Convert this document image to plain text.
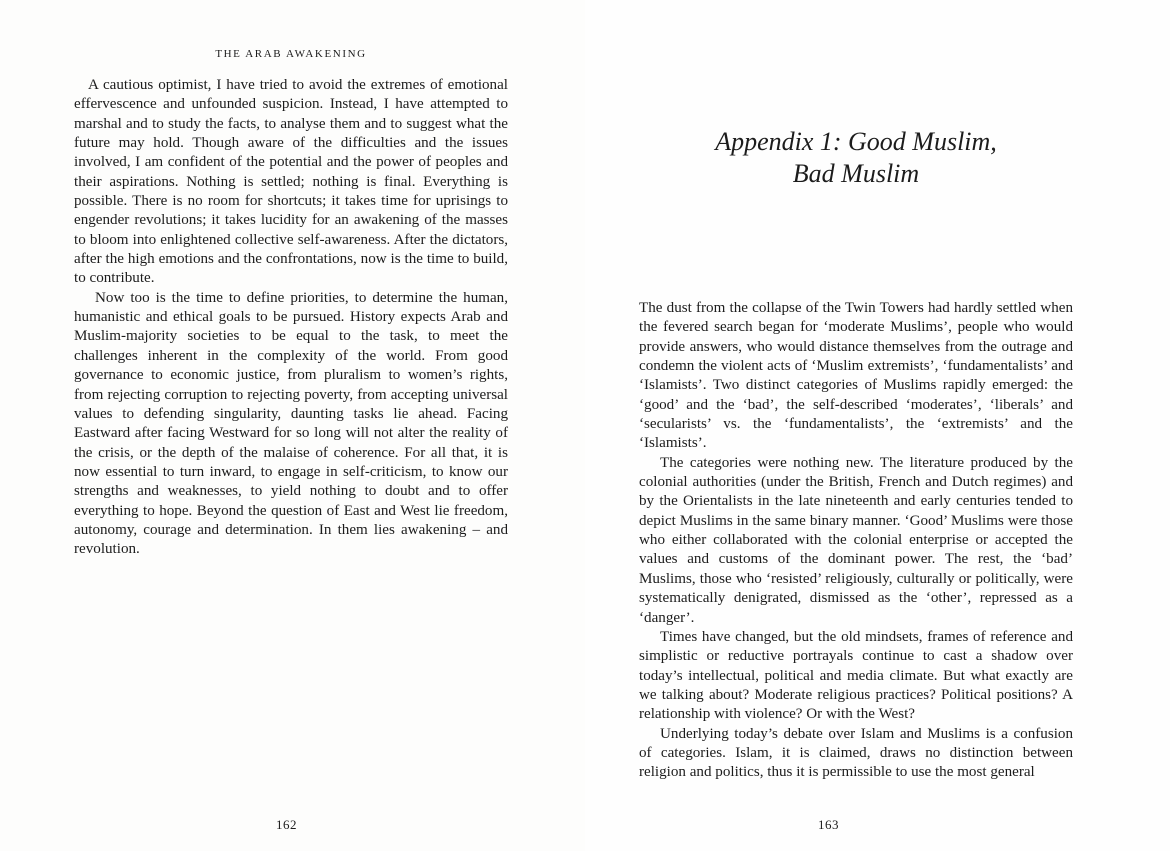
THE ARAB AWAKENING

A cautious optimist, I have tried to avoid the extremes of emotional effervescence and unfounded suspicion. Instead, I have attempted to marshal and to study the facts, to analyse them and to suggest what the future may hold. Though aware of the difficulties and the issues involved, I am confident of the potential and the power of peoples and their aspirations. Nothing is settled; nothing is final. Everything is possible. There is no room for shortcuts; it takes time for uprisings to engender revolutions; it takes lucidity for an awakening of the masses to bloom into enlightened collective self-awareness. After the dictators, after the high emotions and the confrontations, now is the time to build, to contribute.

Now too is the time to define priorities, to determine the human, humanistic and ethical goals to be pursued. History expects Arab and Muslim-majority societies to be equal to the task, to meet the challenges inherent in the complexity of the world. From good governance to economic justice, from pluralism to women’s rights, from rejecting corruption to rejecting poverty, from accepting universal values to defending singularity, daunting tasks lie ahead. Facing Eastward after facing Westward for so long will not alter the reality of the crisis, or the depth of the malaise of coherence. For all that, it is now essential to turn inward, to engage in self-criticism, to know our strengths and weaknesses, to yield nothing to doubt and to offer everything to hope. Beyond the question of East and West lie freedom, autonomy, courage and determination. In them lies awakening – and revolution.

162
Appendix 1: Good Muslim,
Bad Muslim

The dust from the collapse of the Twin Towers had hardly settled when the fevered search began for ‘moderate Muslims’, people who would provide answers, who would distance themselves from the outrage and condemn the violent acts of ‘Muslim extremists’, ‘fundamentalists’ and ‘Islamists’. Two distinct categories of Muslims rapidly emerged: the ‘good’ and the ‘bad’, the self-described ‘moderates’, ‘liberals’ and ‘secularists’ vs. the ‘fundamentalists’, the ‘extremists’ and the ‘Islamists’.

The categories were nothing new. The literature produced by the colonial authorities (under the British, French and Dutch regimes) and by the Orientalists in the late nineteenth and early centuries tended to depict Muslims in the same binary manner. ‘Good’ Muslims were those who either collaborated with the colonial enterprise or accepted the values and customs of the dominant power. The rest, the ‘bad’ Muslims, those who ‘resisted’ religiously, culturally or politically, were systematically denigrated, dismissed as the ‘other’, repressed as a ‘danger’.

Times have changed, but the old mindsets, frames of reference and simplistic or reductive portrayals continue to cast a shadow over today’s intellectual, political and media climate. But what exactly are we talking about? Moderate religious practices? Political positions? A relationship with violence? Or with the West?

Underlying today’s debate over Islam and Muslims is a confusion of categories. Islam, it is claimed, draws no distinction between religion and politics, thus it is permissible to use the most general

163
